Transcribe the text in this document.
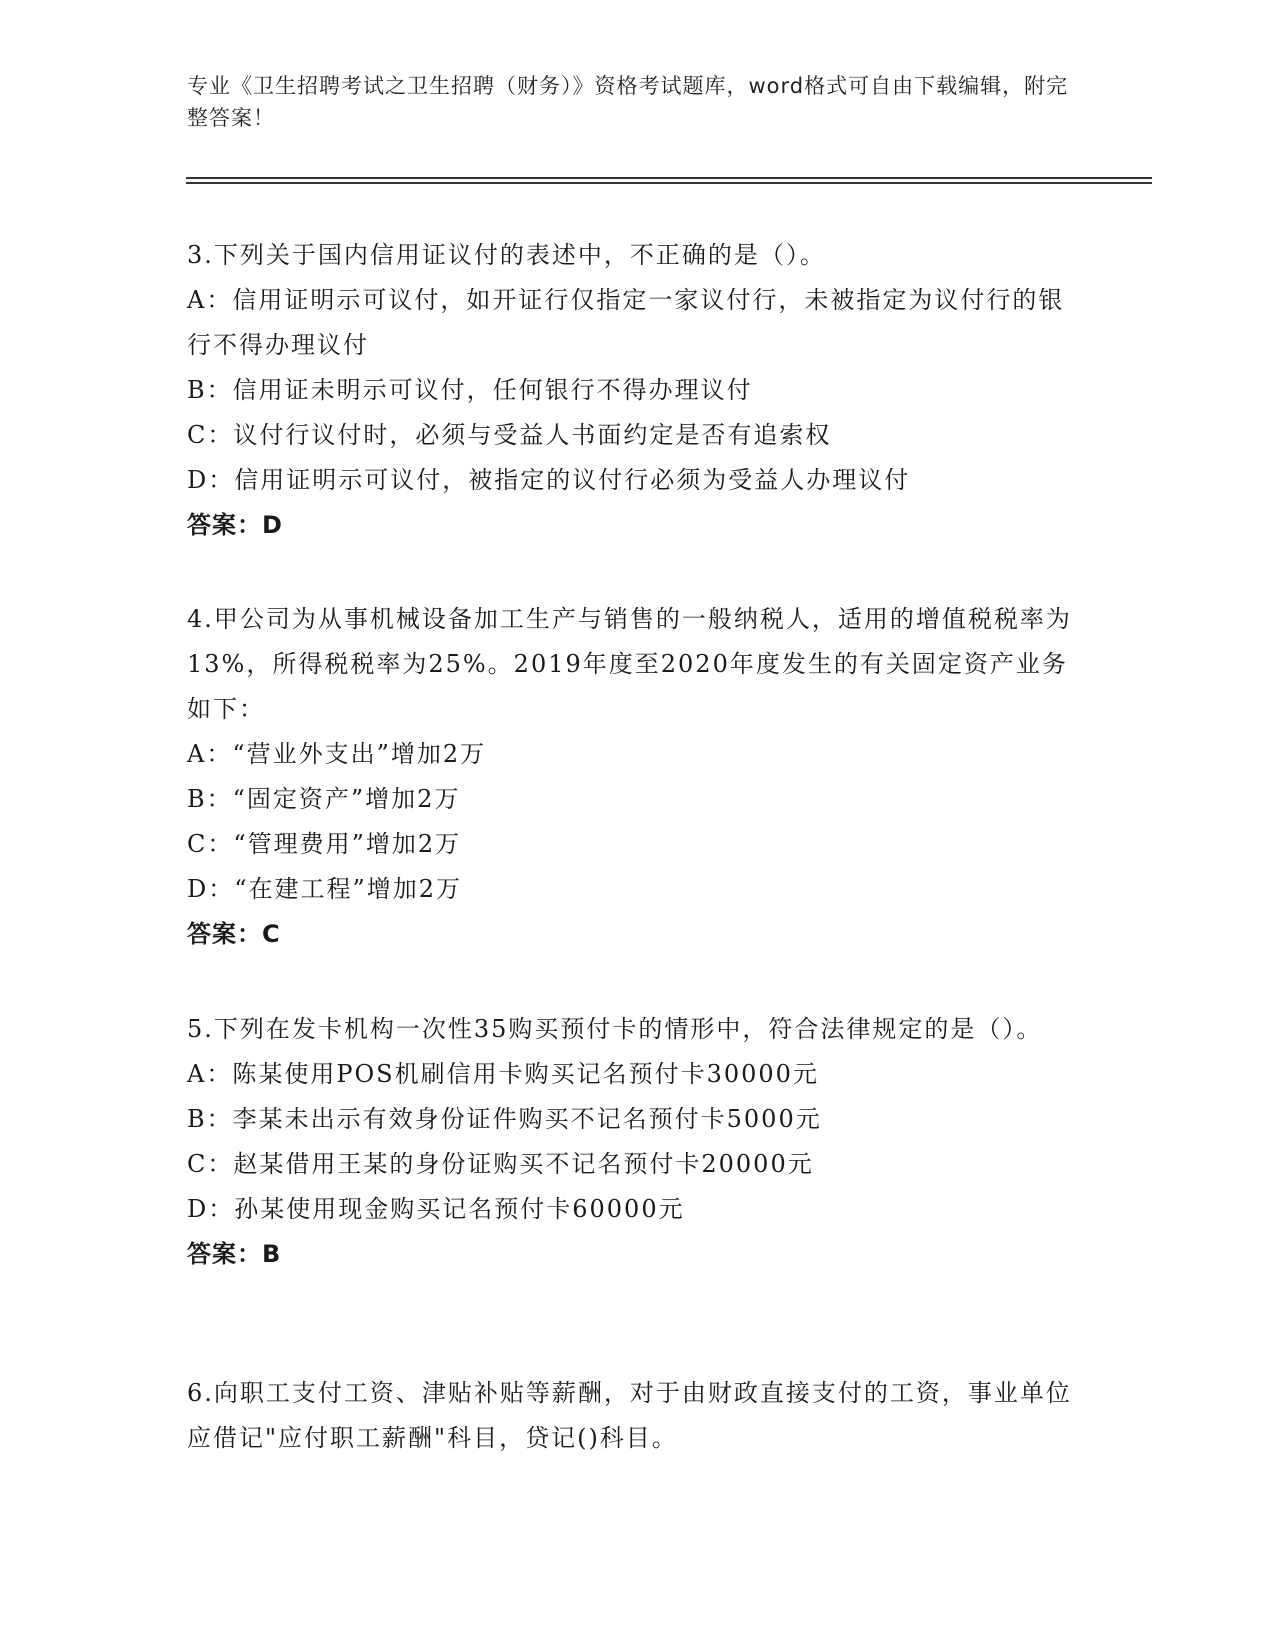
专业《卫生招聘考试之卫生招聘（财务）》资格考试题库，word格式可自由下载编辑，附完整答案！
3.下列关于国内信用证议付的表述中，不正确的是（）。
A：信用证明示可议付，如开证行仅指定一家议付行，未被指定为议付行的银行不得办理议付
B：信用证未明示可议付，任何银行不得办理议付
C：议付行议付时，必须与受益人书面约定是否有追索权
D：信用证明示可议付，被指定的议付行必须为受益人办理议付
答案：D
4.甲公司为从事机械设备加工生产与销售的一般纳税人，适用的增值税税率为13%，所得税税率为25%。2019年度至2020年度发生的有关固定资产业务如下：
A：“营业外支出”增加2万
B：“固定资产”增加2万
C：“管理费用”增加2万
D：“在建工程”增加2万
答案：C
5.下列在发卡机构一次性35购买预付卡的情形中，符合法律规定的是（）。
A：陈某使用POS机刷信用卡购买记名预付卡30000元
B：李某未出示有效身份证件购买不记名预付卡5000元
C：赵某借用王某的身份证购买不记名预付卡20000元
D：孙某使用现金购买记名预付卡60000元
答案：B
6.向职工支付工资、津贴补贴等薪酬，对于由财政直接支付的工资，事业单位应借记"应付职工薪酬"科目，贷记()科目。
